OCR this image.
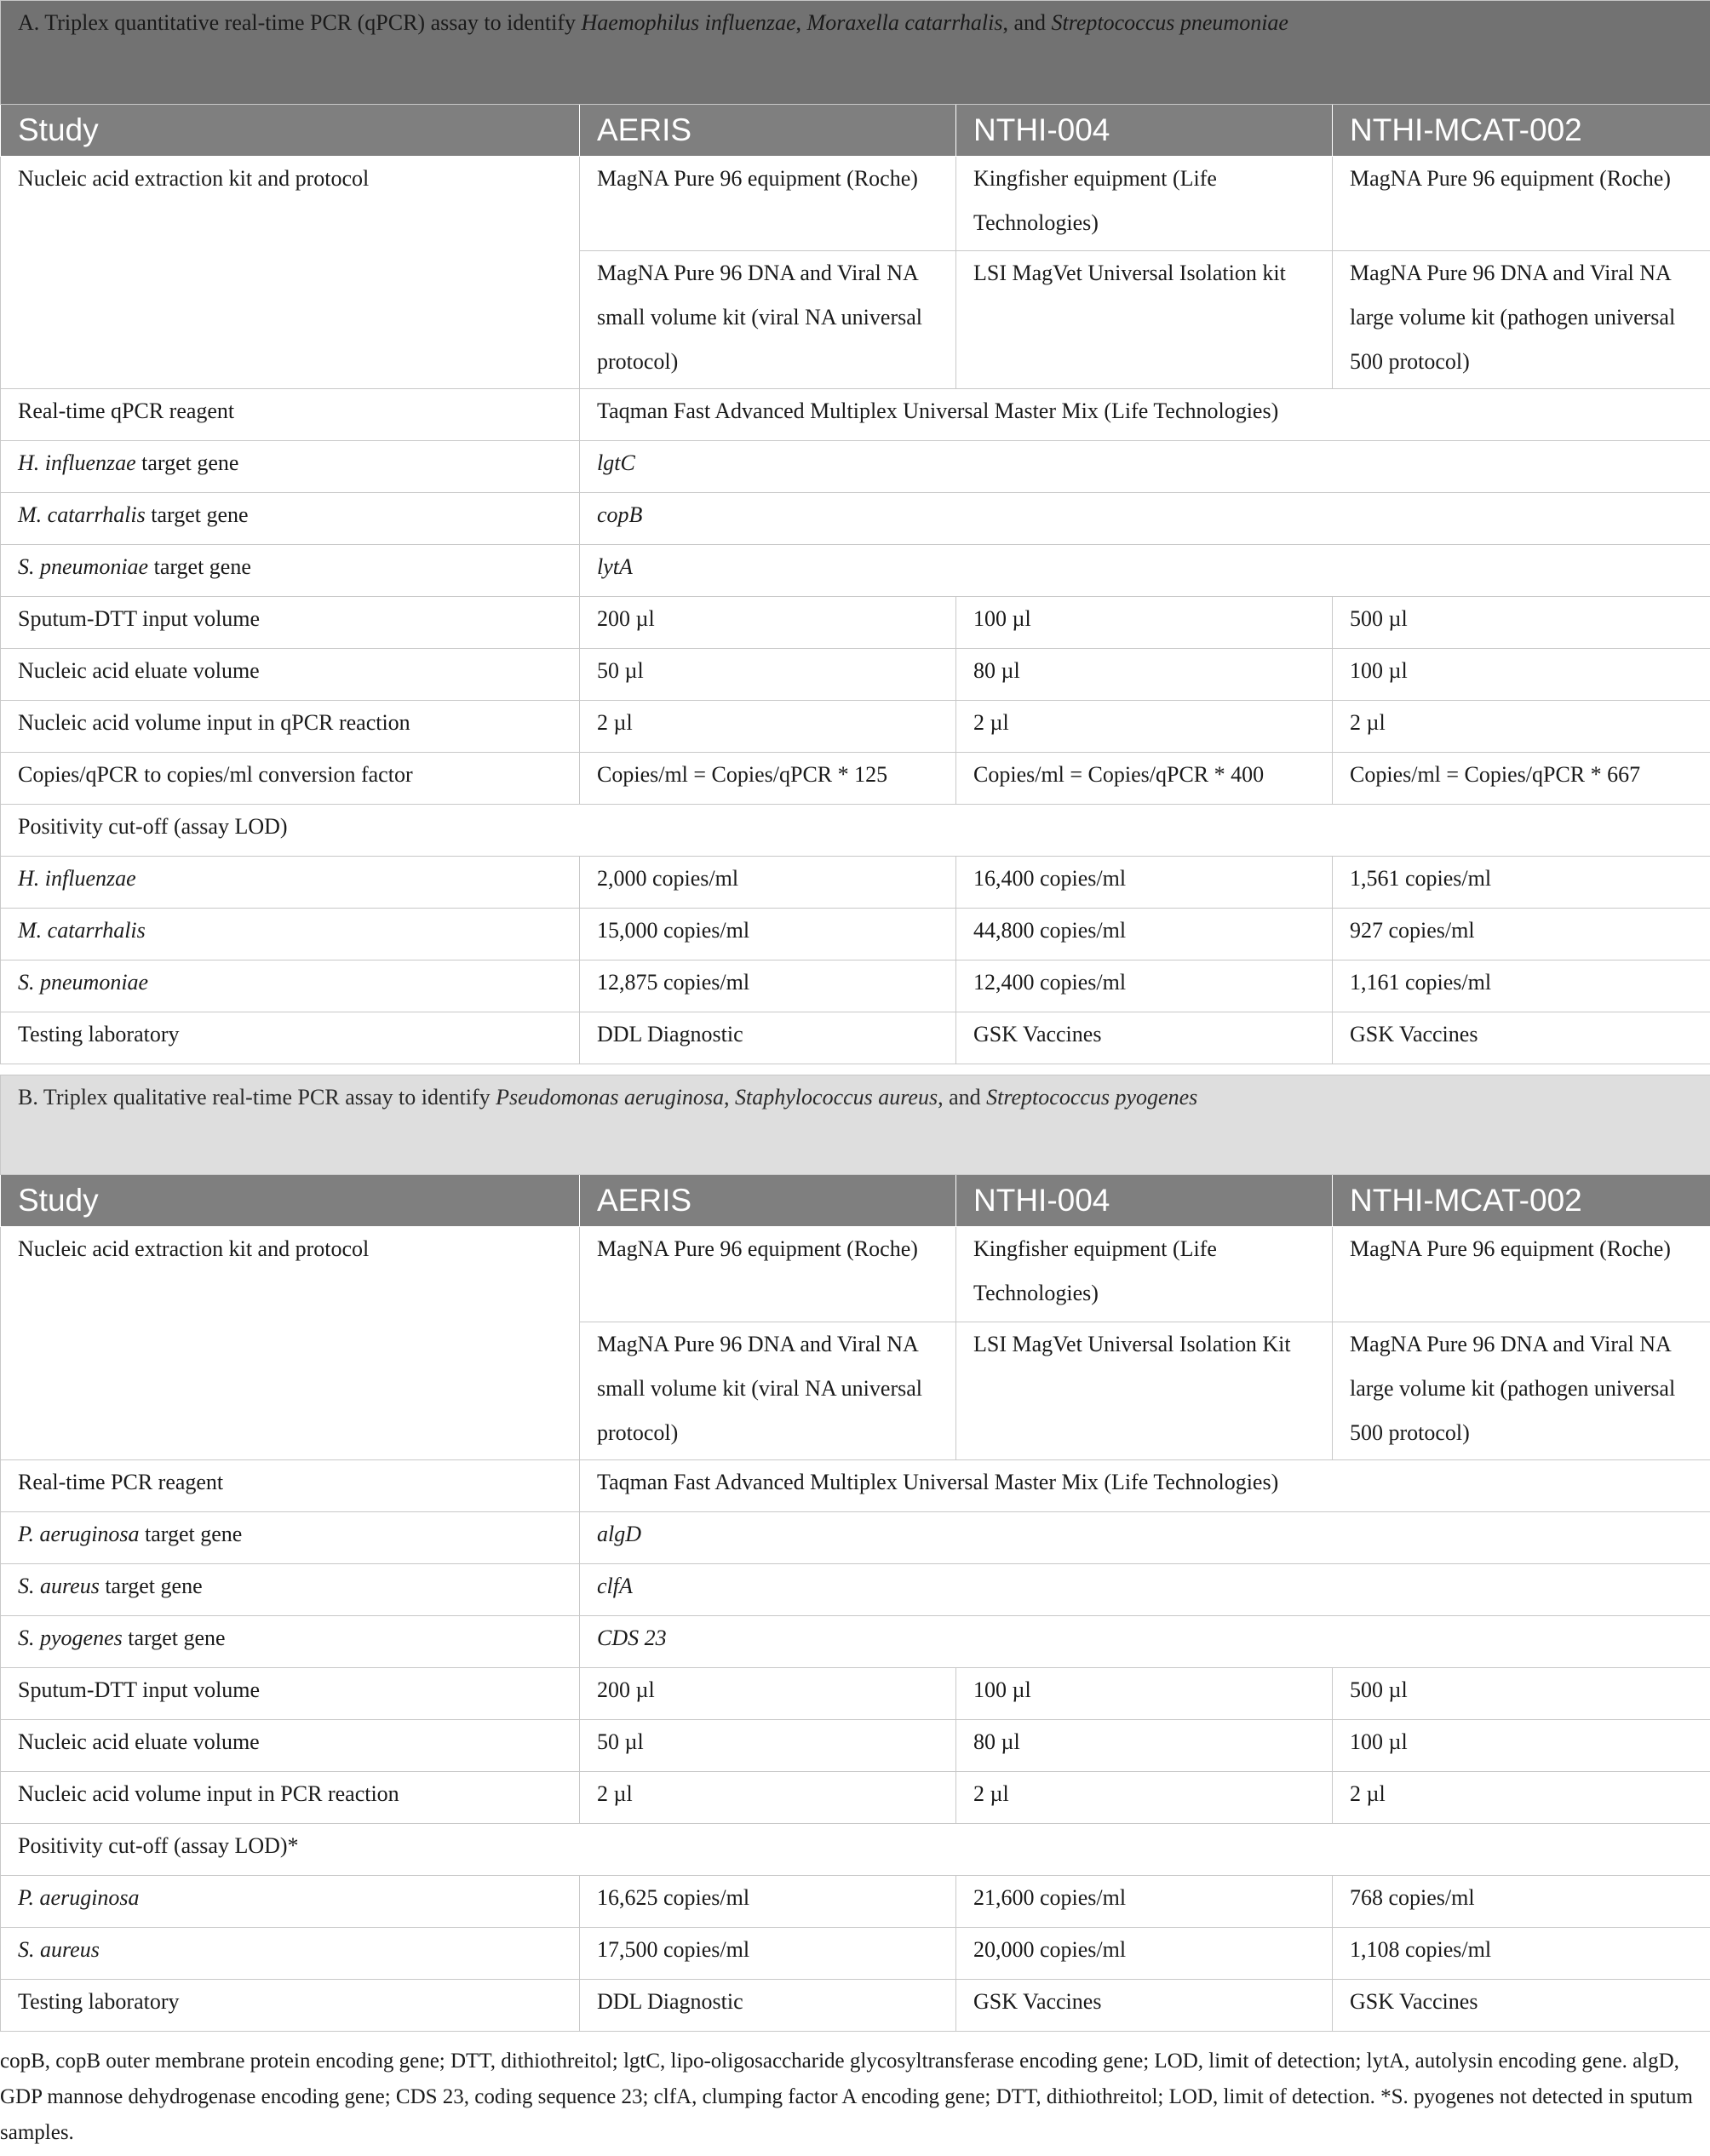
A. Triplex quantitative real-time PCR (qPCR) assay to identify Haemophilus influenzae, Moraxella catarrhalis, and Streptococcus pneumoniae			
Study	AERIS	NTHI-004	NTHI-MCAT-002
Nucleic acid extraction kit and protocol	MagNA Pure 96 equipment (Roche)	Kingfisher equipment (Life Technologies)	MagNA Pure 96 equipment (Roche)
	MagNA Pure 96 DNA and Viral NA small volume kit (viral NA universal protocol)	LSI MagVet Universal Isolation kit	MagNA Pure 96 DNA and Viral NA large volume kit (pathogen universal 500 protocol)
Real-time qPCR reagent	Taqman Fast Advanced Multiplex Universal Master Mix (Life Technologies)		
H. influenzae target gene	lgtC		
M. catarrhalis target gene	copB		
S. pneumoniae target gene	lytA		
Sputum-DTT input volume	200 µl	100 µl	500 µl
Nucleic acid eluate volume	50 µl	80 µl	100 µl
Nucleic acid volume input in qPCR reaction	2 µl	2 µl	2 µl
Copies/qPCR to copies/ml conversion factor	Copies/ml = Copies/qPCR * 125	Copies/ml = Copies/qPCR * 400	Copies/ml = Copies/qPCR * 667
Positivity cut-off (assay LOD)			
H. influenzae	2,000 copies/ml	16,400 copies/ml	1,561 copies/ml
M. catarrhalis	15,000 copies/ml	44,800 copies/ml	927 copies/ml
S. pneumoniae	12,875 copies/ml	12,400 copies/ml	1,161 copies/ml
Testing laboratory	DDL Diagnostic	GSK Vaccines	GSK Vaccines
B. Triplex qualitative real-time PCR assay to identify Pseudomonas aeruginosa, Staphylococcus aureus, and Streptococcus pyogenes			
Study	AERIS	NTHI-004	NTHI-MCAT-002
Nucleic acid extraction kit and protocol	MagNA Pure 96 equipment (Roche)	Kingfisher equipment (Life Technologies)	MagNA Pure 96 equipment (Roche)
	MagNA Pure 96 DNA and Viral NA small volume kit (viral NA universal protocol)	LSI MagVet Universal Isolation Kit	MagNA Pure 96 DNA and Viral NA large volume kit (pathogen universal 500 protocol)
Real-time PCR reagent	Taqman Fast Advanced Multiplex Universal Master Mix (Life Technologies)		
P. aeruginosa target gene	algD		
S. aureus target gene	clfA		
S. pyogenes target gene	CDS 23		
Sputum-DTT input volume	200 µl	100 µl	500 µl
Nucleic acid eluate volume	50 µl	80 µl	100 µl
Nucleic acid volume input in PCR reaction	2 µl	2 µl	2 µl
Positivity cut-off (assay LOD)*			
P. aeruginosa	16,625 copies/ml	21,600 copies/ml	768 copies/ml
S. aureus	17,500 copies/ml	20,000 copies/ml	1,108 copies/ml
Testing laboratory	DDL Diagnostic	GSK Vaccines	GSK Vaccines
copB, copB outer membrane protein encoding gene; DTT, dithiothreitol; lgtC, lipo-oligosaccharide glycosyltransferase encoding gene; LOD, limit of detection; lytA, autolysin encoding gene. algD, GDP mannose dehydrogenase encoding gene; CDS 23, coding sequence 23; clfA, clumping factor A encoding gene; DTT, dithiothreitol; LOD, limit of detection. *S. pyogenes not detected in sputum samples.
